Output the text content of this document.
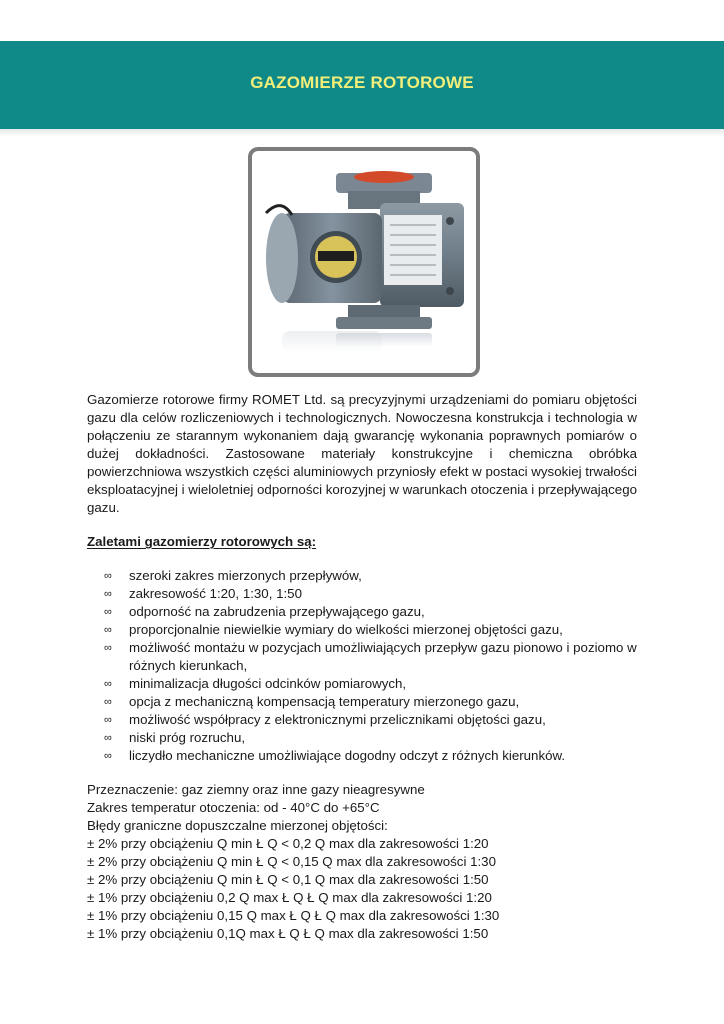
GAZOMIERZE ROTOROWE

Gazomierze rotorowe firmy ROMET Ltd. są precyzyjnymi urządzeniami do pomiaru objętości gazu dla celów rozliczeniowych i technologicznych. Nowoczesna konstrukcja i technologia w połączeniu ze starannym wykonaniem dają gwarancję wykonania poprawnych pomiarów o dużej dokładności. Zastosowane materiały konstrukcyjne i chemiczna obróbka powierzchniowa wszystkich części aluminiowych przyniosły efekt w postaci wysokiej trwałości eksploatacyjnej i wieloletniej odporności korozyjnej w warunkach otoczenia i przepływającego gazu.

Zaletami gazomierzy rotorowych są:
∞ szeroki zakres mierzonych przepływów,
∞ zakresowość 1:20, 1:30, 1:50
∞ odporność na zabrudzenia przepływającego gazu,
∞ proporcjonalnie niewielkie wymiary do wielkości mierzonej objętości gazu,
∞ możliwość montażu w pozycjach umożliwiających przepływ gazu pionowo i poziomo w różnych kierunkach,
∞ minimalizacja długości odcinków pomiarowych,
∞ opcja z mechaniczną kompensacją temperatury mierzonego gazu,
∞ możliwość współpracy z elektronicznymi przelicznikami objętości gazu,
∞ niski próg rozruchu,
∞ liczydło mechaniczne umożliwiające dogodny odczyt z różnych kierunków.
Przeznaczenie: gaz ziemny oraz inne gazy nieagresywne
Zakres temperatur otoczenia: od - 40°C do +65°C
Błędy graniczne dopuszczalne mierzonej objętości:
± 2% przy obciążeniu Q min Ł Q < 0,2 Q max dla zakresowości 1:20
± 2% przy obciążeniu Q min Ł Q < 0,15 Q max dla zakresowości 1:30
± 2% przy obciążeniu Q min Ł Q < 0,1 Q max dla zakresowości 1:50
± 1% przy obciążeniu 0,2 Q max Ł Q Ł Q max dla zakresowości 1:20
± 1% przy obciążeniu 0,15 Q max Ł Q Ł Q max dla zakresowości 1:30
± 1% przy obciążeniu 0,1Q max Ł Q Ł Q max dla zakresowości 1:50
